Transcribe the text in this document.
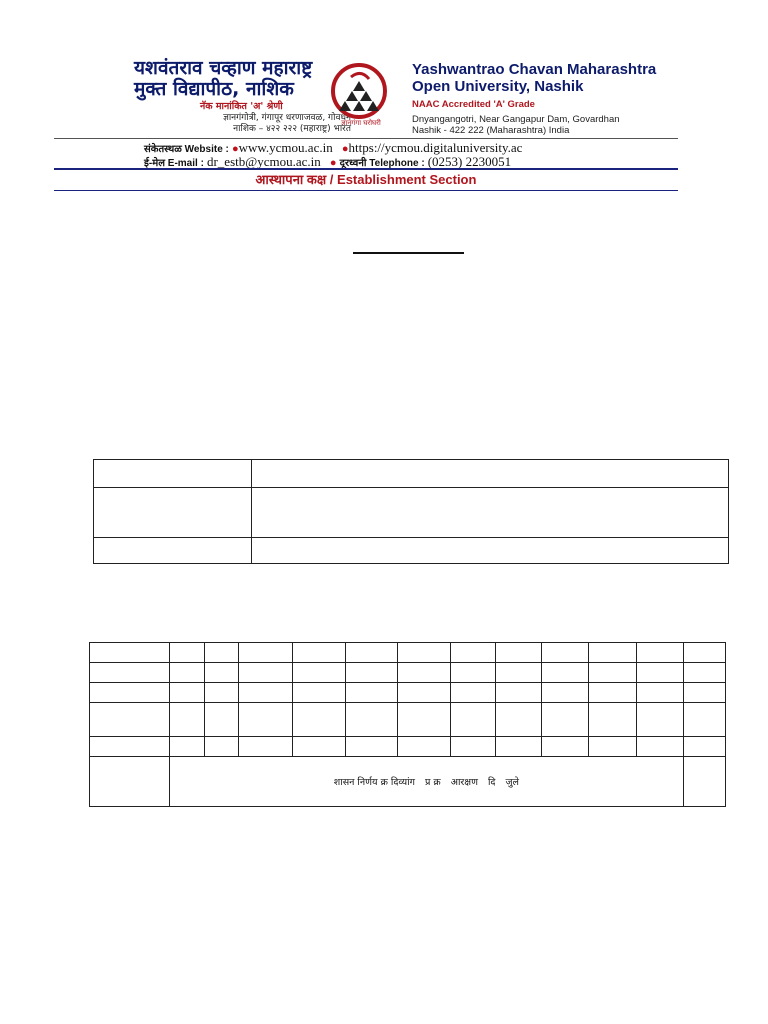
यशवंतराव चव्हाण महाराष्ट्र
मुक्त विद्यापीठ, नाशिक
नॅक मानांकित 'अ' श्रेणी
ज्ञानगंगोत्री, गंगापूर धरणाजवळ, गोवर्धन
नाशिक – ४२२ २२२ (महाराष्ट्र) भारत
ज्ञानगंगा घरोघरी
Yashwantrao Chavan Maharashtra
Open University, Nashik
NAAC Accredited 'A' Grade
Dnyangangotri, Near Gangapur Dam, Govardhan
Nashik - 422 222 (Maharashtra) India
संकेतस्थळ Website : ●www.ycmou.ac.in ●https://ycmou.digitaluniversity.ac
ई-मेल E-mail : dr_estb@ycmou.ac.in ● दूरध्वनी Telephone : (0253) 2230051
आस्थापना कक्ष / Establishment Section

	शासन निर्णय क्र दिव्यांग प्र क्र आरक्षण दि जुले											
